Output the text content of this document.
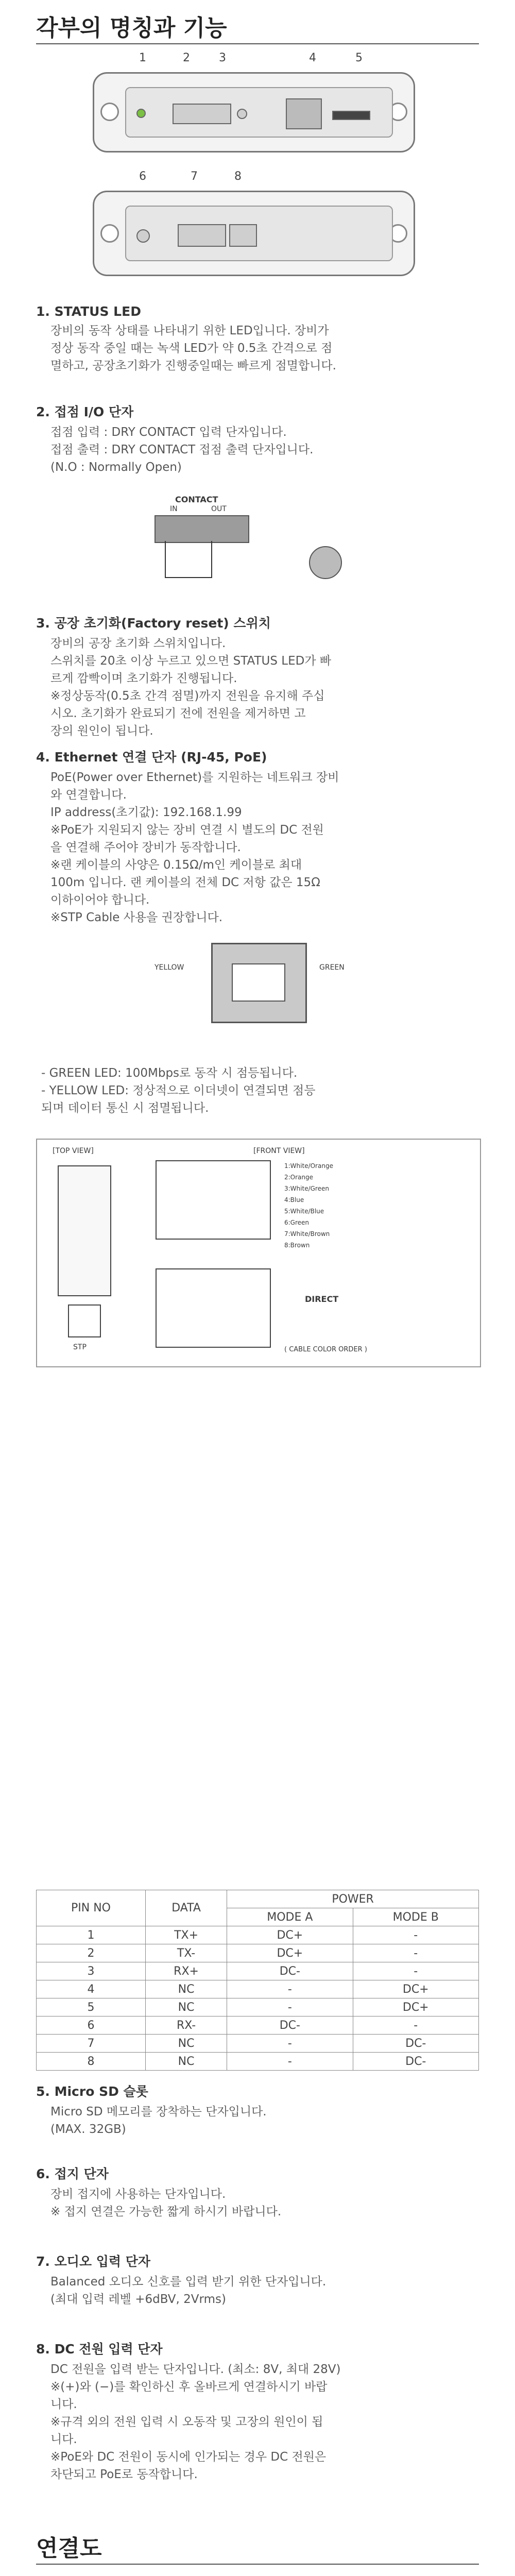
각부의 명칭과 기능
1	2	3	4	5
6	7	8
1. STATUS LED

장비의 동작 상태를 나타내기 위한 LED입니다. 장비가
정상 동작 중일 때는 녹색 LED가 약 0.5초 간격으로 점
멸하고, 공장초기화가 진행중일때는 빠르게 점멸합니다.

2. 접점 I/O 단자

접점 입력 : DRY CONTACT 입력 단자입니다.
접점 출력 : DRY CONTACT 접점 출력 단자입니다.
(N.O : Normally Open)

CONTACT
IN	OUT
3. 공장 초기화(Factory reset) 스위치

장비의 공장 초기화 스위치입니다.
스위치를 20초 이상 누르고 있으면 STATUS LED가 빠
르게 깜빡이며 초기화가 진행됩니다.
※정상동작(0.5초 간격 점멸)까지 전원을 유지해 주십
시오. 초기화가 완료되기 전에 전원을 제거하면 고
장의 원인이 됩니다.

4. Ethernet 연결 단자 (RJ-45, PoE)

PoE(Power over Ethernet)를 지원하는 네트워크 장비
와 연결합니다.
IP address(초기값): 192.168.1.99
※PoE가 지원되지 않는 장비 연결 시 별도의 DC 전원
을 연결해 주어야 장비가 동작합니다.
※랜 케이블의 사양은 0.15Ω/m인 케이블로 최대
100m 입니다. 랜 케이블의 전체 DC 저항 값은 15Ω
이하이어야 합니다.
※STP Cable 사용을 권장합니다.

YELLOW	GREEN

- GREEN LED: 100Mbps로 동작 시 점등됩니다.
- YELLOW LED: 정상적으로 이더넷이 연결되면 점등
되며 데이터 통신 시 점멸됩니다.

[TOP VIEW]	[FRONT VIEW]
STP
1:White/Orange
2:Orange
3:White/Green
4:Blue
5:White/Blue
6:Green
7:White/Brown
8:Brown
DIRECT
( CABLE COLOR ORDER )
PIN NO	DATA	POWER	
		MODE A	MODE B
1	TX+	DC+	-
2	TX-	DC+	-
3	RX+	DC-	-
4	NC	-	DC+
5	NC	-	DC+
6	RX-	DC-	-
7	NC	-	DC-
8	NC	-	DC-
5. Micro SD 슬롯

Micro SD 메모리를 장착하는 단자입니다.
(MAX. 32GB)

6. 접지 단자

장비 접지에 사용하는 단자입니다.
※ 접지 연결은 가능한 짧게 하시기 바랍니다.

7. 오디오 입력 단자

Balanced 오디오 신호를 입력 받기 위한 단자입니다.
(최대 입력 레벨 +6dBV, 2Vrms)

8. DC 전원 입력 단자

DC 전원을 입력 받는 단자입니다. (최소: 8V, 최대 28V)
※(+)와 (−)를 확인하신 후 올바르게 연결하시기 바랍
니다.
※규격 외의 전원 입력 시 오동작 및 고장의 원인이 됩
니다.
※PoE와 DC 전원이 동시에 인가되는 경우 DC 전원은
차단되고 PoE로 동작합니다.

연결도
